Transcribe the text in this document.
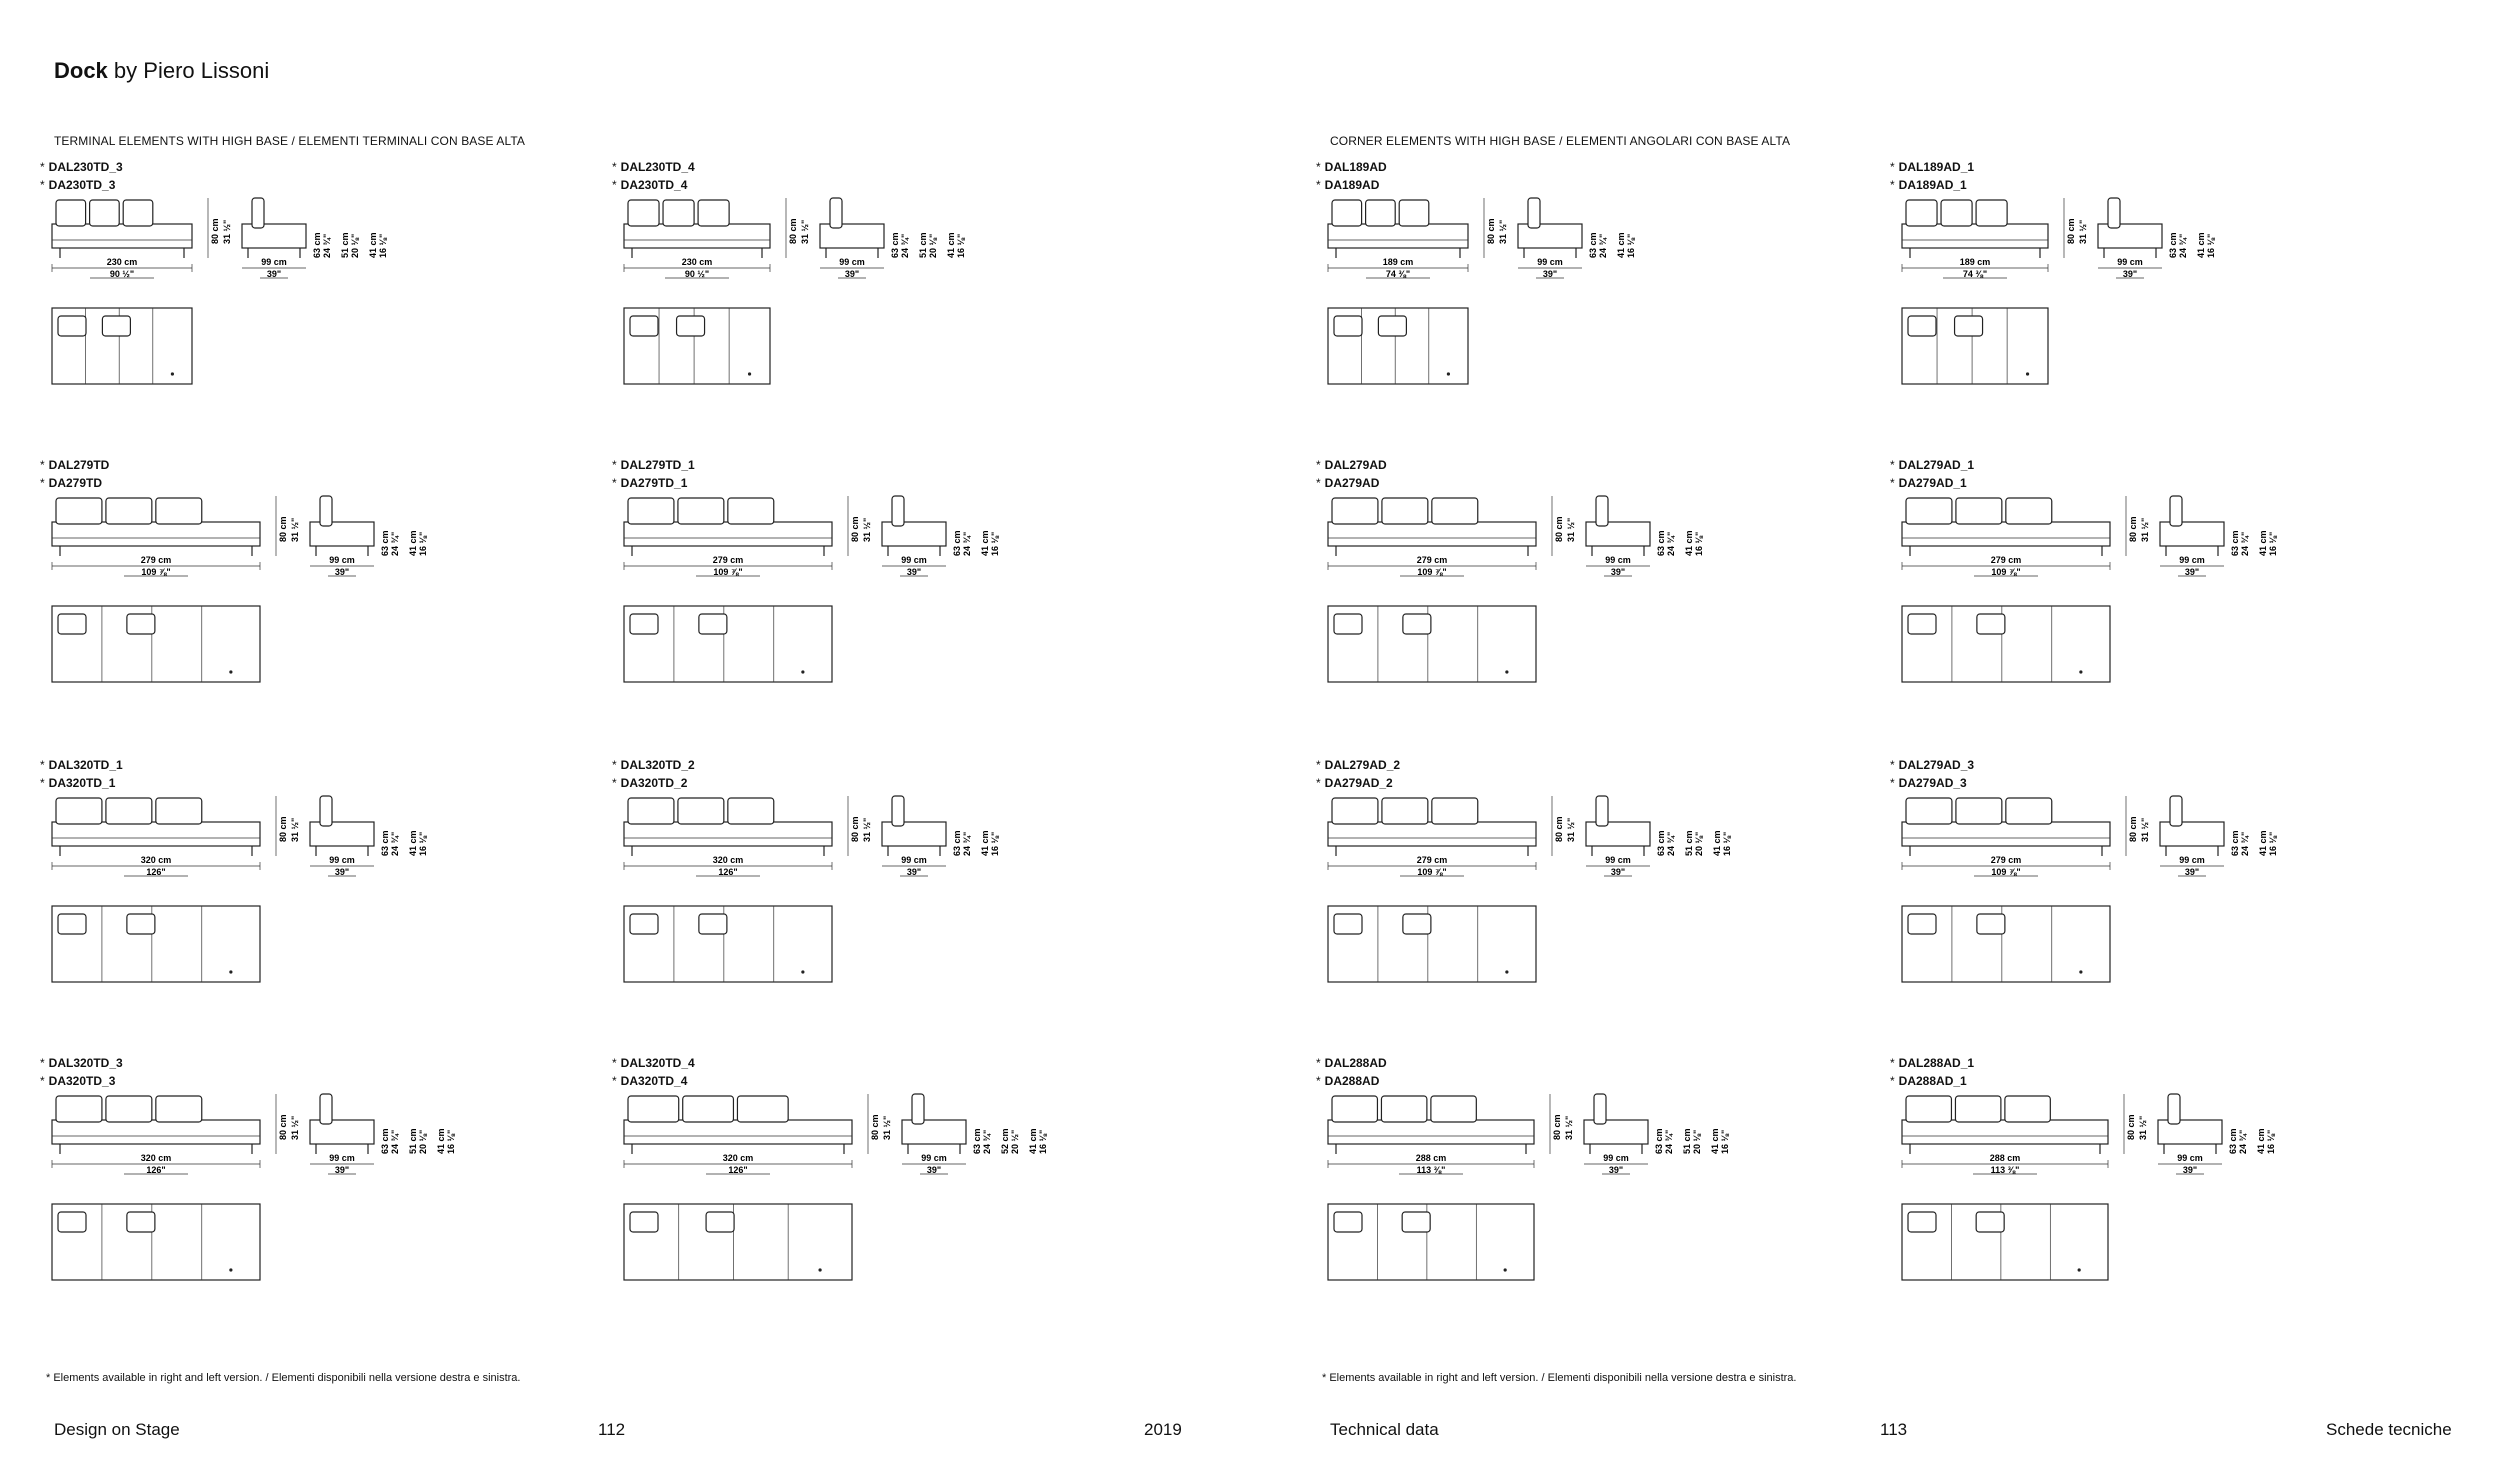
Dock by Piero Lissoni
TERMINAL ELEMENTS WITH HIGH BASE / ELEMENTI TERMINALI CON BASE ALTA	CORNER ELEMENTS WITH HIGH BASE / ELEMENTI ANGOLARI CON BASE ALTA
* DAL230TD_3
* DA230TD_3
230 cm
90 ½"
80 cm 31 ½"
99 cm
39"
63 cm 24 ¾" 51 cm 20 ⅛" 41 cm 16 ⅛"
* DAL230TD_4
* DA230TD_4
230 cm
90 ½"
80 cm 31 ½"
99 cm
39"
63 cm 24 ¾" 51 cm 20 ⅛" 41 cm 16 ⅛"
* DAL189AD
* DA189AD
189 cm
74 ⅜"
80 cm 31 ½"
99 cm
39"
63 cm 24 ¾" 41 cm 16 ⅛"
* DAL189AD_1
* DA189AD_1
189 cm
74 ⅜"
80 cm 31 ½"
99 cm
39"
63 cm 24 ¾" 41 cm 16 ⅛"
* DAL279TD
* DA279TD
279 cm
109 ⅞"
80 cm 31 ½"
99 cm
39"
63 cm 24 ¾" 41 cm 16 ⅛"
* DAL279TD_1
* DA279TD_1
279 cm
109 ⅞"
80 cm 31 ½"
99 cm
39"
63 cm 24 ¾" 41 cm 16 ⅛"
* DAL279AD
* DA279AD
279 cm
109 ⅞"
80 cm 31 ½"
99 cm
39"
63 cm 24 ¾" 41 cm 16 ⅛"
* DAL279AD_1
* DA279AD_1
279 cm
109 ⅞"
80 cm 31 ½"
99 cm
39"
63 cm 24 ¾" 41 cm 16 ⅛"
* DAL320TD_1
* DA320TD_1
320 cm
126"
80 cm 31 ½"
99 cm
39"
63 cm 24 ¾" 41 cm 16 ⅛"
* DAL320TD_2
* DA320TD_2
320 cm
126"
80 cm 31 ½"
99 cm
39"
63 cm 24 ¾" 41 cm 16 ⅛"
* DAL279AD_2
* DA279AD_2
279 cm
109 ⅞"
80 cm 31 ½"
99 cm
39"
63 cm 24 ¾" 51 cm 20 ⅛" 41 cm 16 ⅛"
* DAL279AD_3
* DA279AD_3
279 cm
109 ⅞"
80 cm 31 ½"
99 cm
39"
63 cm 24 ¾" 41 cm 16 ⅛"
* DAL320TD_3
* DA320TD_3
320 cm
126"
80 cm 31 ½"
99 cm
39"
63 cm 24 ¾" 51 cm 20 ⅛" 41 cm 16 ⅛"
* DAL320TD_4
* DA320TD_4
320 cm
126"
80 cm 31 ½"
99 cm
39"
63 cm 24 ¾" 52 cm 20 ½" 41 cm 16 ⅛"
* DAL288AD
* DA288AD
288 cm
113 ⅜"
80 cm 31 ½"
99 cm
39"
63 cm 24 ¾" 51 cm 20 ⅛" 41 cm 16 ⅛"
* DAL288AD_1
* DA288AD_1
288 cm
113 ⅜"
80 cm 31 ½"
99 cm
39"
63 cm 24 ¾" 41 cm 16 ⅛"
* Elements available in right and left version. / Elementi disponibili nella versione destra e sinistra.	* Elements available in right and left version. / Elementi disponibili nella versione destra e sinistra.
Design on Stage	112	2019	Technical data	113	Schede tecniche
